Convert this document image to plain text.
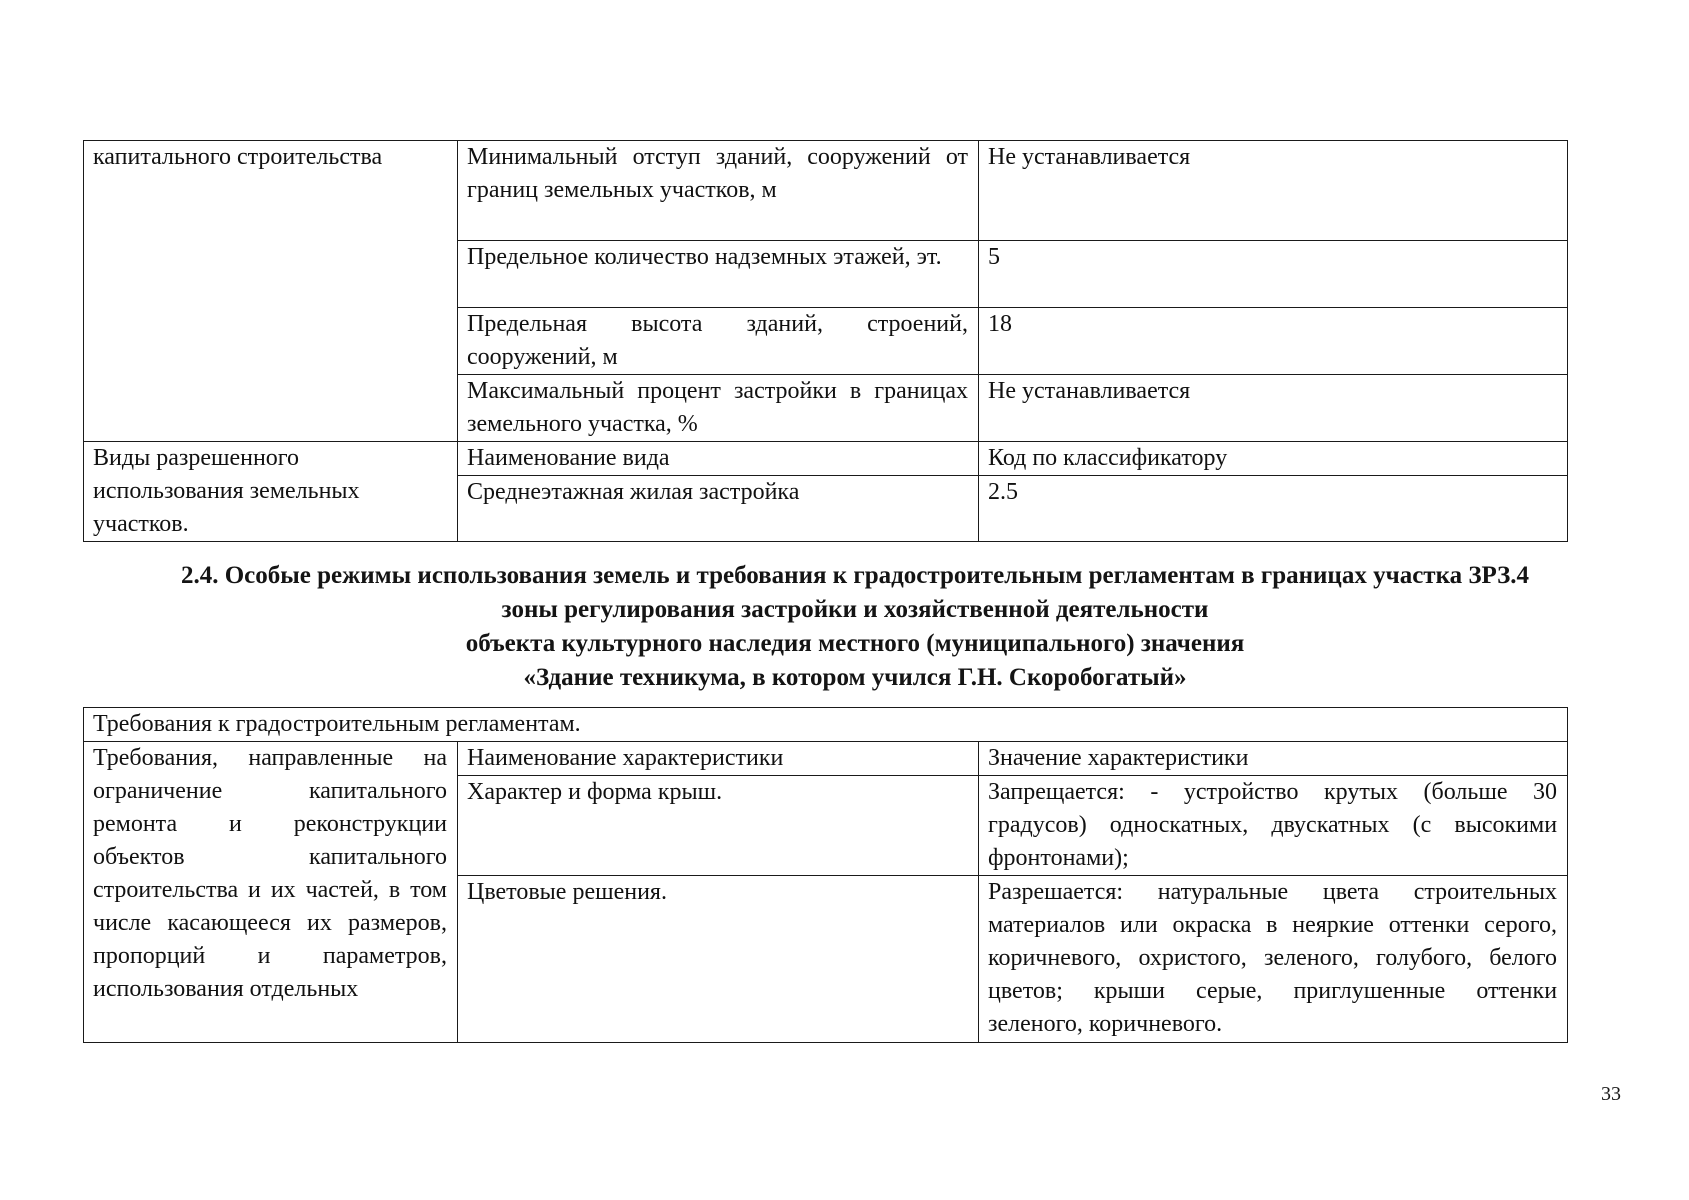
капитального строительства	Минимальный отступ зданий, сооружений от границ земельных участков, м	Не устанавливается

	Предельное количество надземных этажей, эт.	5

	Предельная высота зданий, строений, сооружений, м	18

	Максимальный процент застройки в границах земельного участка, %	Не устанавливается

Виды разрешенного использования земельных участков.	Наименование вида	Код по классификатору

	Среднеэтажная жилая застройка	2.5
2.4. Особые режимы использования земель и требования к градостроительным регламентам в границах участка ЗРЗ.4
зоны регулирования застройки и хозяйственной деятельности
объекта культурного наследия местного (муниципального) значения
«Здание техникума, в котором учился Г.Н. Скоробогатый»
Требования к градостроительным регламентам.		

Требования, направленные на ограничение капитального ремонта и реконструкции объектов капитального строительства и их частей, в том числе касающееся их размеров, пропорций и параметров, использования отдельных	Наименование характеристики	Значение характеристики

	Характер и форма крыш.	Запрещается: - устройство крутых (больше 30 градусов) односкатных, двускатных (с высокими фронтонами);

	Цветовые решения.	Разрешается: натуральные цвета строительных материалов или окраска в неяркие оттенки серого, коричневого, охристого, зеленого, голубого, белого цветов; крыши серые, приглушенные оттенки зеленого, коричневого.
33
